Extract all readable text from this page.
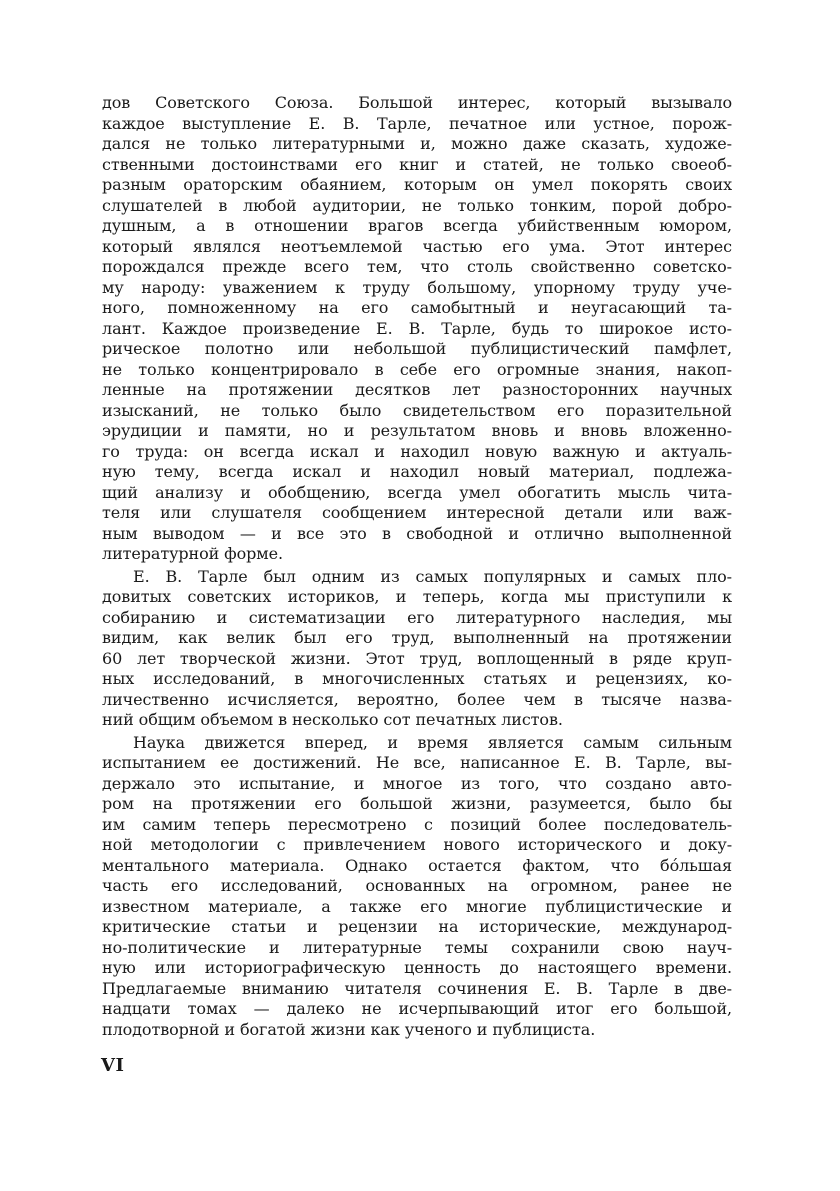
дов Советского Союза. Большой интерес, который вызывало
каждое выступление Е. В. Тарле, печатное или устное, порож-
дался не только литературными и, можно даже сказать, художе-
ственными достоинствами его книг и статей, не только своеоб-
разным ораторским обаянием, которым он умел покорять своих
слушателей в любой аудитории, не только тонким, порой добро-
душным, а в отношении врагов всегда убийственным юмором,
который являлся неотъемлемой частью его ума. Этот интерес
порождался прежде всего тем, что столь свойственно советско-
му народу: уважением к труду большому, упорному труду уче-
ного, помноженному на его самобытный и неугасающий та-
лант. Каждое произведение Е. В. Тарле, будь то широкое исто-
рическое полотно или небольшой публицистический памфлет,
не только концентрировало в себе его огромные знания, накоп-
ленные на протяжении десятков лет разносторонних научных
изысканий, не только было свидетельством его поразительной
эрудиции и памяти, но и результатом вновь и вновь вложенно-
го труда: он всегда искал и находил новую важную и актуаль-
ную тему, всегда искал и находил новый материал, подлежа-
щий анализу и обобщению, всегда умел обогатить мысль чита-
теля или слушателя сообщением интересной детали или важ-
ным выводом — и все это в свободной и отлично выполненной
литературной форме.
Е. В. Тарле был одним из самых популярных и самых пло-
довитых советских историков, и теперь, когда мы приступили к
собиранию и систематизации его литературного наследия, мы
видим, как велик был его труд, выполненный на протяжении
60 лет творческой жизни. Этот труд, воплощенный в ряде круп-
ных исследований, в многочисленных статьях и рецензиях, ко-
личественно исчисляется, вероятно, более чем в тысяче назва-
ний общим объемом в несколько сот печатных листов.
Наука движется вперед, и время является самым сильным
испытанием ее достижений. Не все, написанное Е. В. Тарле, вы-
держало это испытание, и многое из того, что создано авто-
ром на протяжении его большой жизни, разумеется, было бы
им самим теперь пересмотрено с позиций более последователь-
ной методологии с привлечением нового исторического и доку-
ментального материала. Однако остается фактом, что бóльшая
часть его исследований, основанных на огромном, ранее не
известном материале, а также его многие публицистические и
критические статьи и рецензии на исторические, международ-
но-политические и литературные темы сохранили свою науч-
ную или историографическую ценность до настоящего времени.
Предлагаемые вниманию читателя сочинения Е. В. Тарле в две-
надцати томах — далеко не исчерпывающий итог его большой,
плодотворной и богатой жизни как ученого и публициста.
VI
